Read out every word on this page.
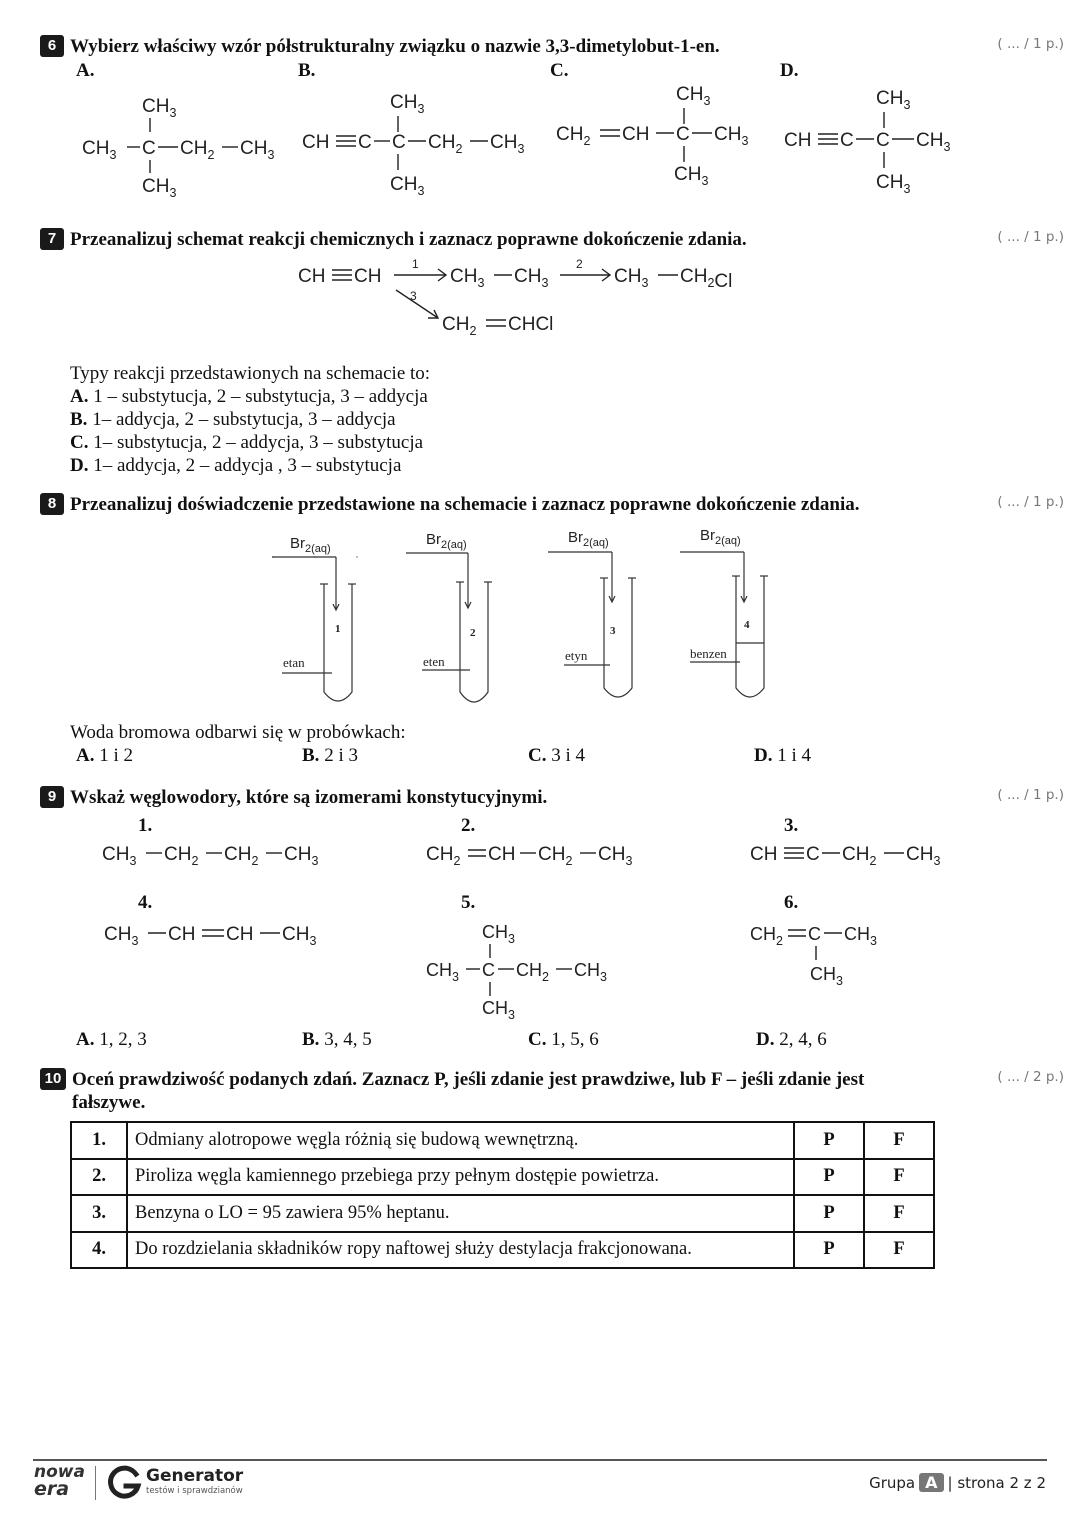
6 Wybierz właściwy wzór półstrukturalny związku o nazwie 3,3-dimetylobut-1-en.	( ... / 1 p.)
A.	B.	C.	D.
$CH_3$
$CH_3$ C $CH_2$ $CH_3$
$CH_3$
$CH_3$
CH C C $CH_2$ $CH_3$
$CH_3$
$CH_3$
$CH_2$ CH C $CH_3$
$CH_3$
$CH_3$
CH C C $CH_3$
$CH_3$
7 Przeanalizuj schemat reakcji chemicznych i zaznacz poprawne dokończenie zdania.	( ... / 1 p.)
CH CH
1
$CH_3$ $CH_3$
2
$CH_3$ $CH_2Cl$
3
$CH_2$ CHCl
Typy reakcji przedstawionych na schemacie to:
A. 1 – substytucja, 2 – substytucja, 3 – addycja
B. 1– addycja, 2 – substytucja, 3 – addycja
C. 1– substytucja, 2 – addycja, 3 – substytucja
D. 1– addycja, 2 – addycja , 3 – substytucja
8 Przeanalizuj doświadczenie przedstawione na schemacie i zaznacz poprawne dokończenie zdania.	( ... / 1 p.)
$Br_{2(aq)}$
$Br_{2(aq)}$	$Br_{2(aq)}$	$Br_{2(aq)}$
1	2	3	4
etan	eten	etyn	benzen
Woda bromowa odbarwi się w probówkach:
A. 1 i 2	B. 2 i 3	C. 3 i 4	D. 1 i 4
9 Wskaż węglowodory, które są izomerami konstytucyjnymi.	( ... / 1 p.)
1.	2.	3.
4.	5.	6.
$CH_3$ $CH_2$ $CH_2$ $CH_3$	$CH_2$ CH $CH_2$ $CH_3$	CH C $CH_2$ $CH_3$
$CH_3$ CH CH $CH_3$	$CH_3$
$CH_3$ C $CH_2$ $CH_3$
$CH_3$
$CH_2$ C $CH_3$
$CH_3$
A. 1, 2, 3	B. 3, 4, 5	C. 1, 5, 6	D. 2, 4, 6
10 Oceń prawdziwość podanych zdań. Zaznacz P, jeśli zdanie jest prawdziwe, lub F – jeśli zdanie jest fałszywe.
( ... / 2 p.)
1.	Odmiany alotropowe węgla różnią się budową wewnętrzną.	P	F
2.	Piroliza węgla kamiennego przebiega przy pełnym dostępie powietrza.	P	F
3.	Benzyna o LO = 95 zawiera 95% heptanu.	P	F
4.	Do rozdzielania składników ropy naftowej służy destylacja frakcjonowana.	P	F
nowa
era
Generator
testów i sprawdzianów	Grupa A | strona 2 z 2
